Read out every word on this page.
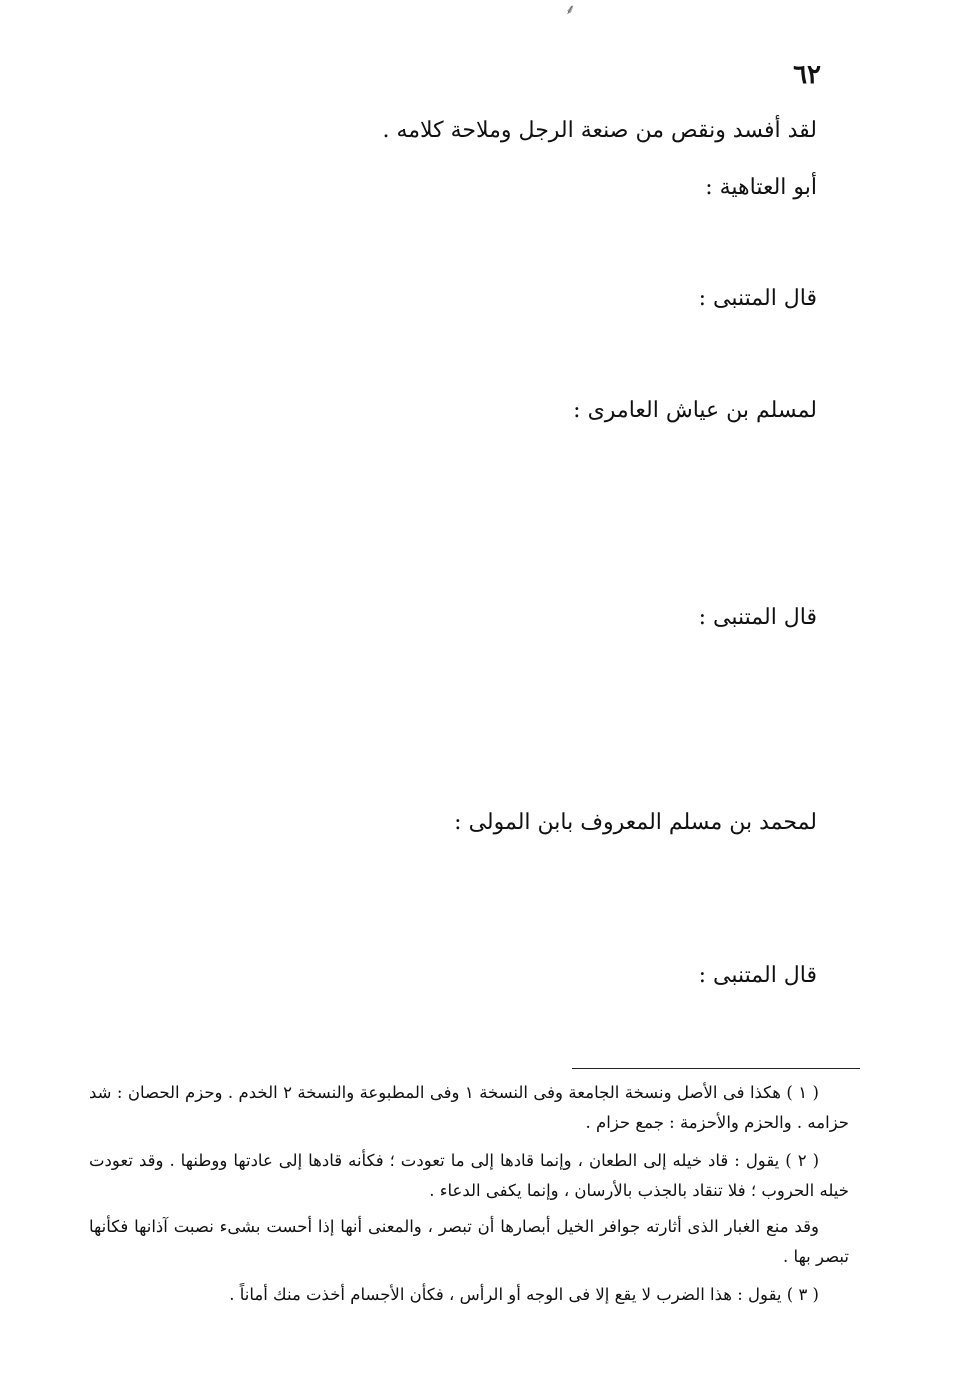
⸙
٦٢
لقد أفسد ونقص من صنعة الرجل وملاحة كلامه .
أبو العتاهية :
قال المتنبى :
لمسلم بن عياش العامرى :
قال المتنبى :
لمحمد بن مسلم المعروف بابن المولى :
قال المتنبى :
( ١ ) هكذا فى الأصل ونسخة الجامعة وفى النسخة ١ وفى المطبوعة والنسخة ٢ الخدم . وحزم الحصان : شد حزامه . والحزم والأحزمة : جمع حزام .
( ٢ ) يقول : قاد خيله إلى الطعان ، وإنما قادها إلى ما تعودت ؛ فكأنه قادها إلى عادتها ووطنها . وقد تعودت خيله الحروب ؛ فلا تنقاد بالجذب بالأرسان ، وإنما يكفى الدعاء .
وقد منع الغبار الذى أثارته جوافر الخيل أبصارها أن تبصر ، والمعنى أنها إذا أحست بشىء نصبت آذانها فكأنها تبصر بها .
( ٣ ) يقول : هذا الضرب لا يقع إلا فى الوجه أو الرأس ، فكأن الأجسام أخذت منك أماناً .
